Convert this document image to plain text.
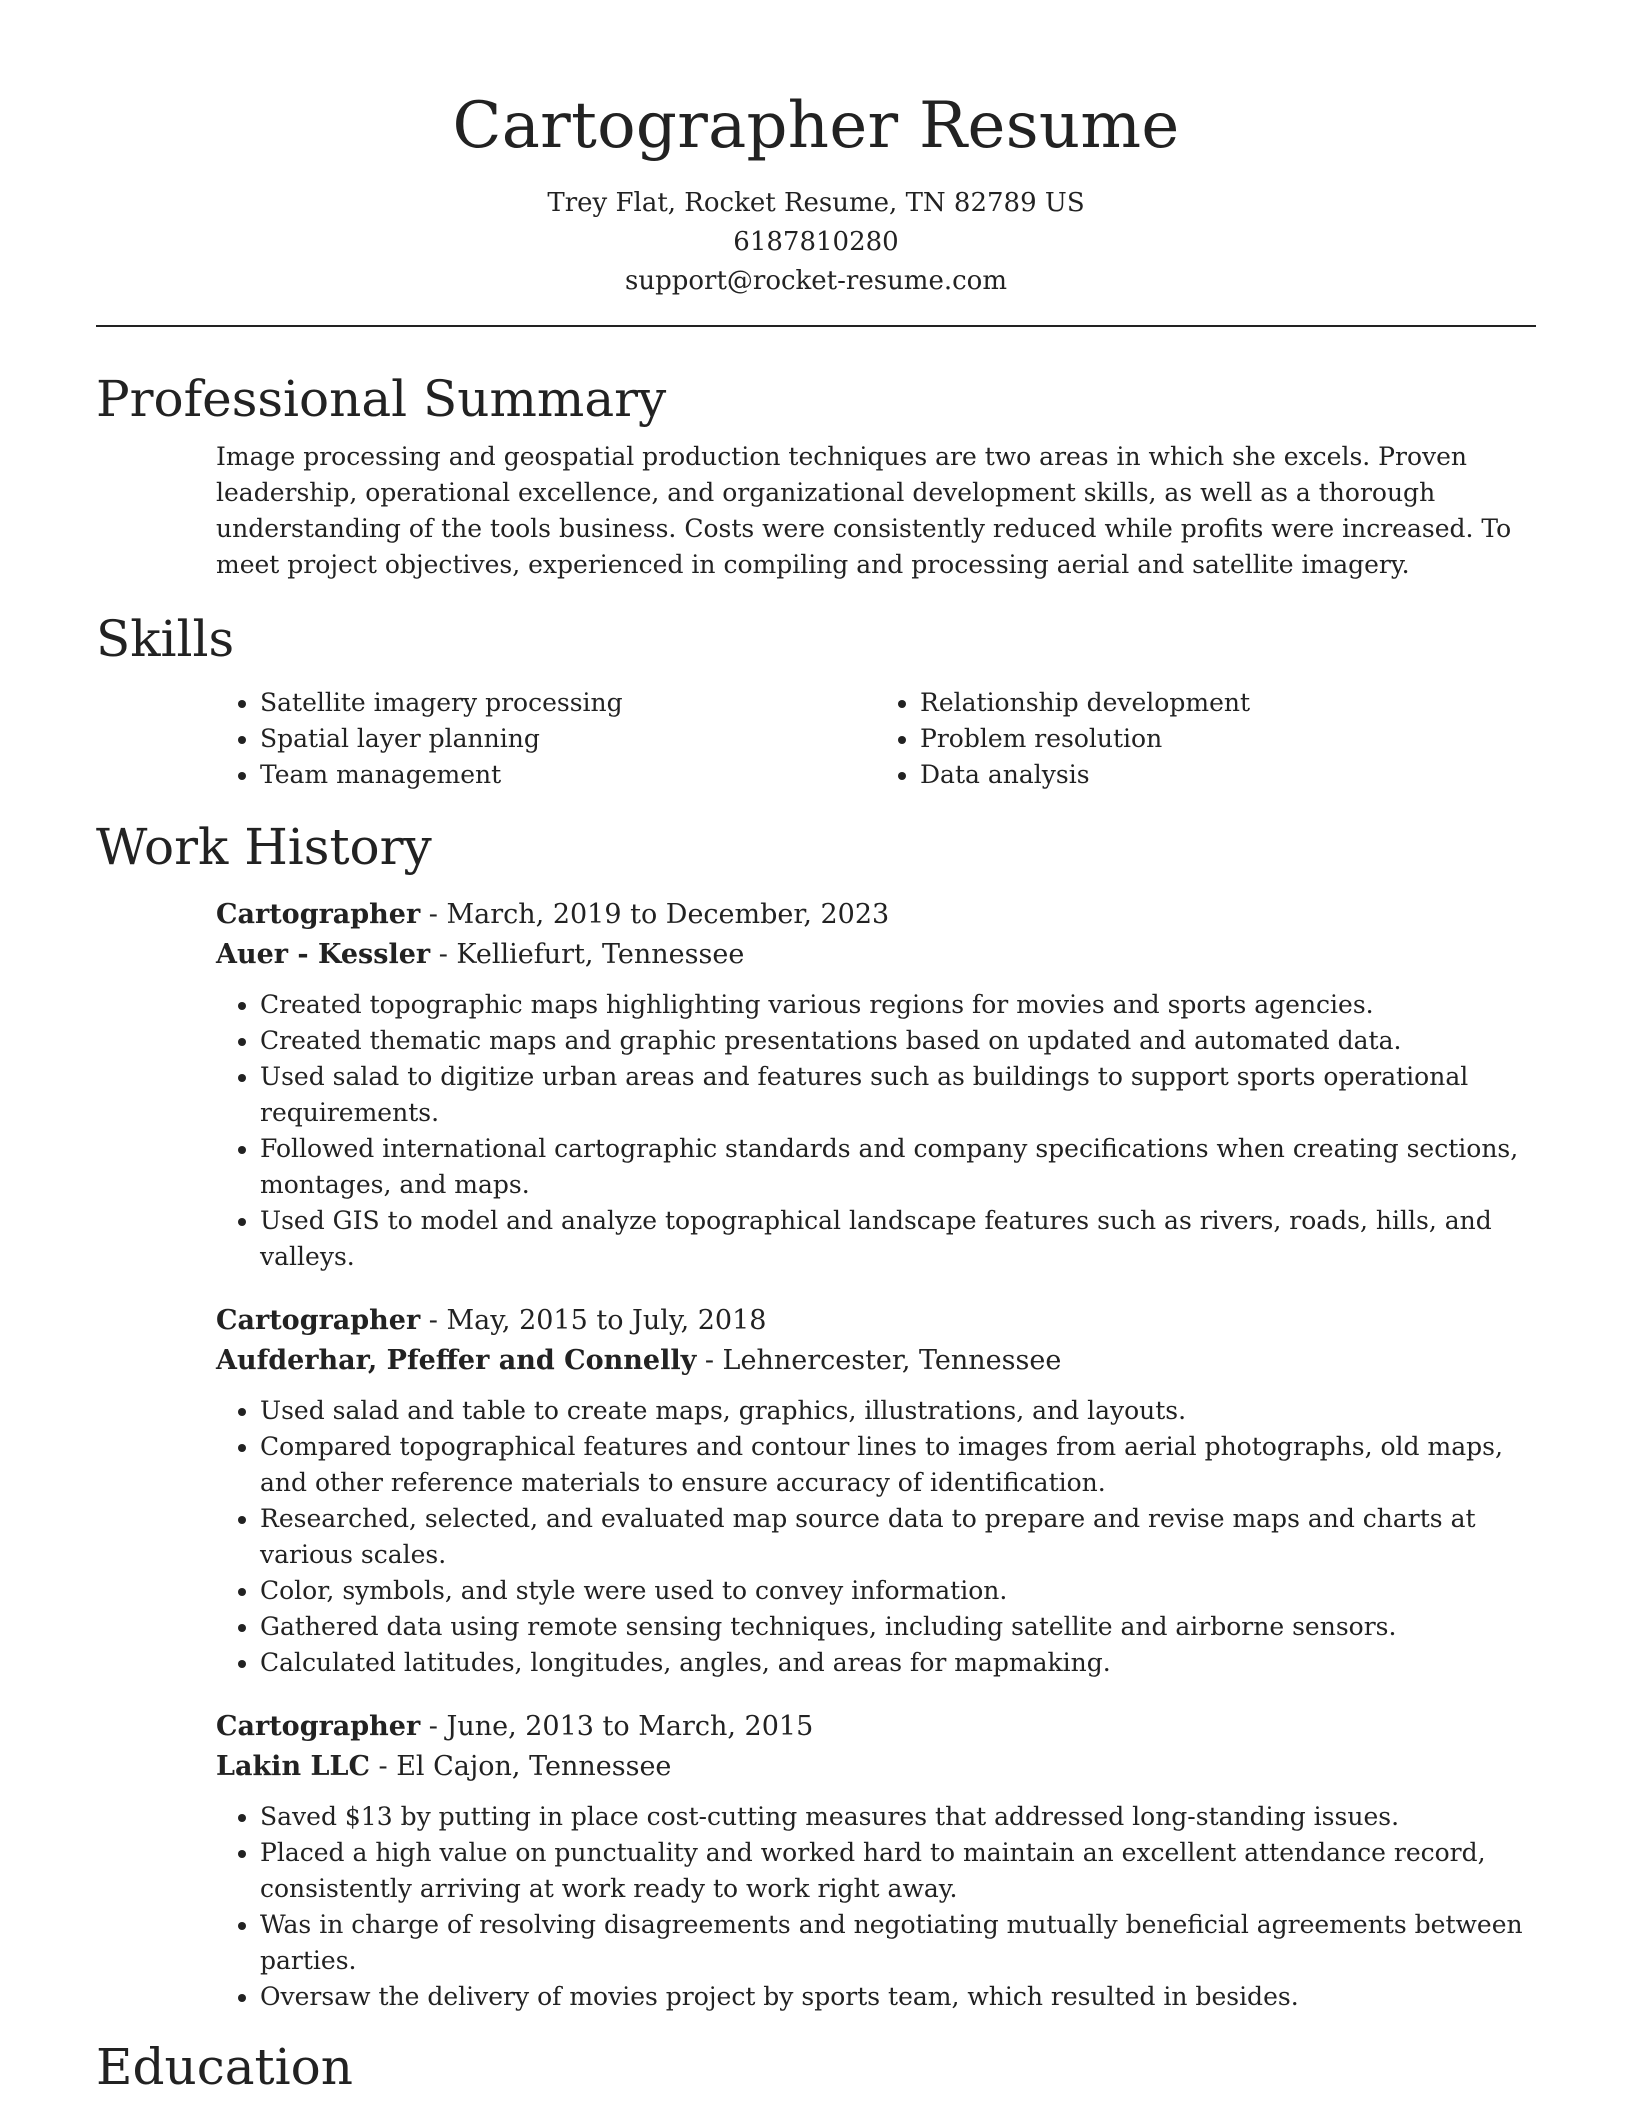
Cartographer Resume
Trey Flat, Rocket Resume, TN 82789 US
6187810280
support@rocket-resume.com
Professional Summary

Image processing and geospatial production techniques are two areas in which she excels. Proven leadership, operational excellence, and organizational development skills, as well as a thorough understanding of the tools business. Costs were consistently reduced while profits were increased. To meet project objectives, experienced in compiling and processing aerial and satellite imagery.

Skills
• Satellite imagery processing
• Spatial layer planning
• Team management
• Relationship development
• Problem resolution
• Data analysis
Work History
Cartographer - March, 2019 to December, 2023
Auer - Kessler - Kelliefurt, Tennessee
• Created topographic maps highlighting various regions for movies and sports agencies.
• Created thematic maps and graphic presentations based on updated and automated data.
• Used salad to digitize urban areas and features such as buildings to support sports operational requirements.
• Followed international cartographic standards and company specifications when creating sections, montages, and maps.
• Used GIS to model and analyze topographical landscape features such as rivers, roads, hills, and valleys.
Cartographer - May, 2015 to July, 2018
Aufderhar, Pfeffer and Connelly - Lehnercester, Tennessee
• Used salad and table to create maps, graphics, illustrations, and layouts.
• Compared topographical features and contour lines to images from aerial photographs, old maps, and other reference materials to ensure accuracy of identification.
• Researched, selected, and evaluated map source data to prepare and revise maps and charts at various scales.
• Color, symbols, and style were used to convey information.
• Gathered data using remote sensing techniques, including satellite and airborne sensors.
• Calculated latitudes, longitudes, angles, and areas for mapmaking.
Cartographer - June, 2013 to March, 2015
Lakin LLC - El Cajon, Tennessee
• Saved $13 by putting in place cost-cutting measures that addressed long-standing issues.
• Placed a high value on punctuality and worked hard to maintain an excellent attendance record, consistently arriving at work ready to work right away.
• Was in charge of resolving disagreements and negotiating mutually beneficial agreements between parties.
• Oversaw the delivery of movies project by sports team, which resulted in besides.
Education
